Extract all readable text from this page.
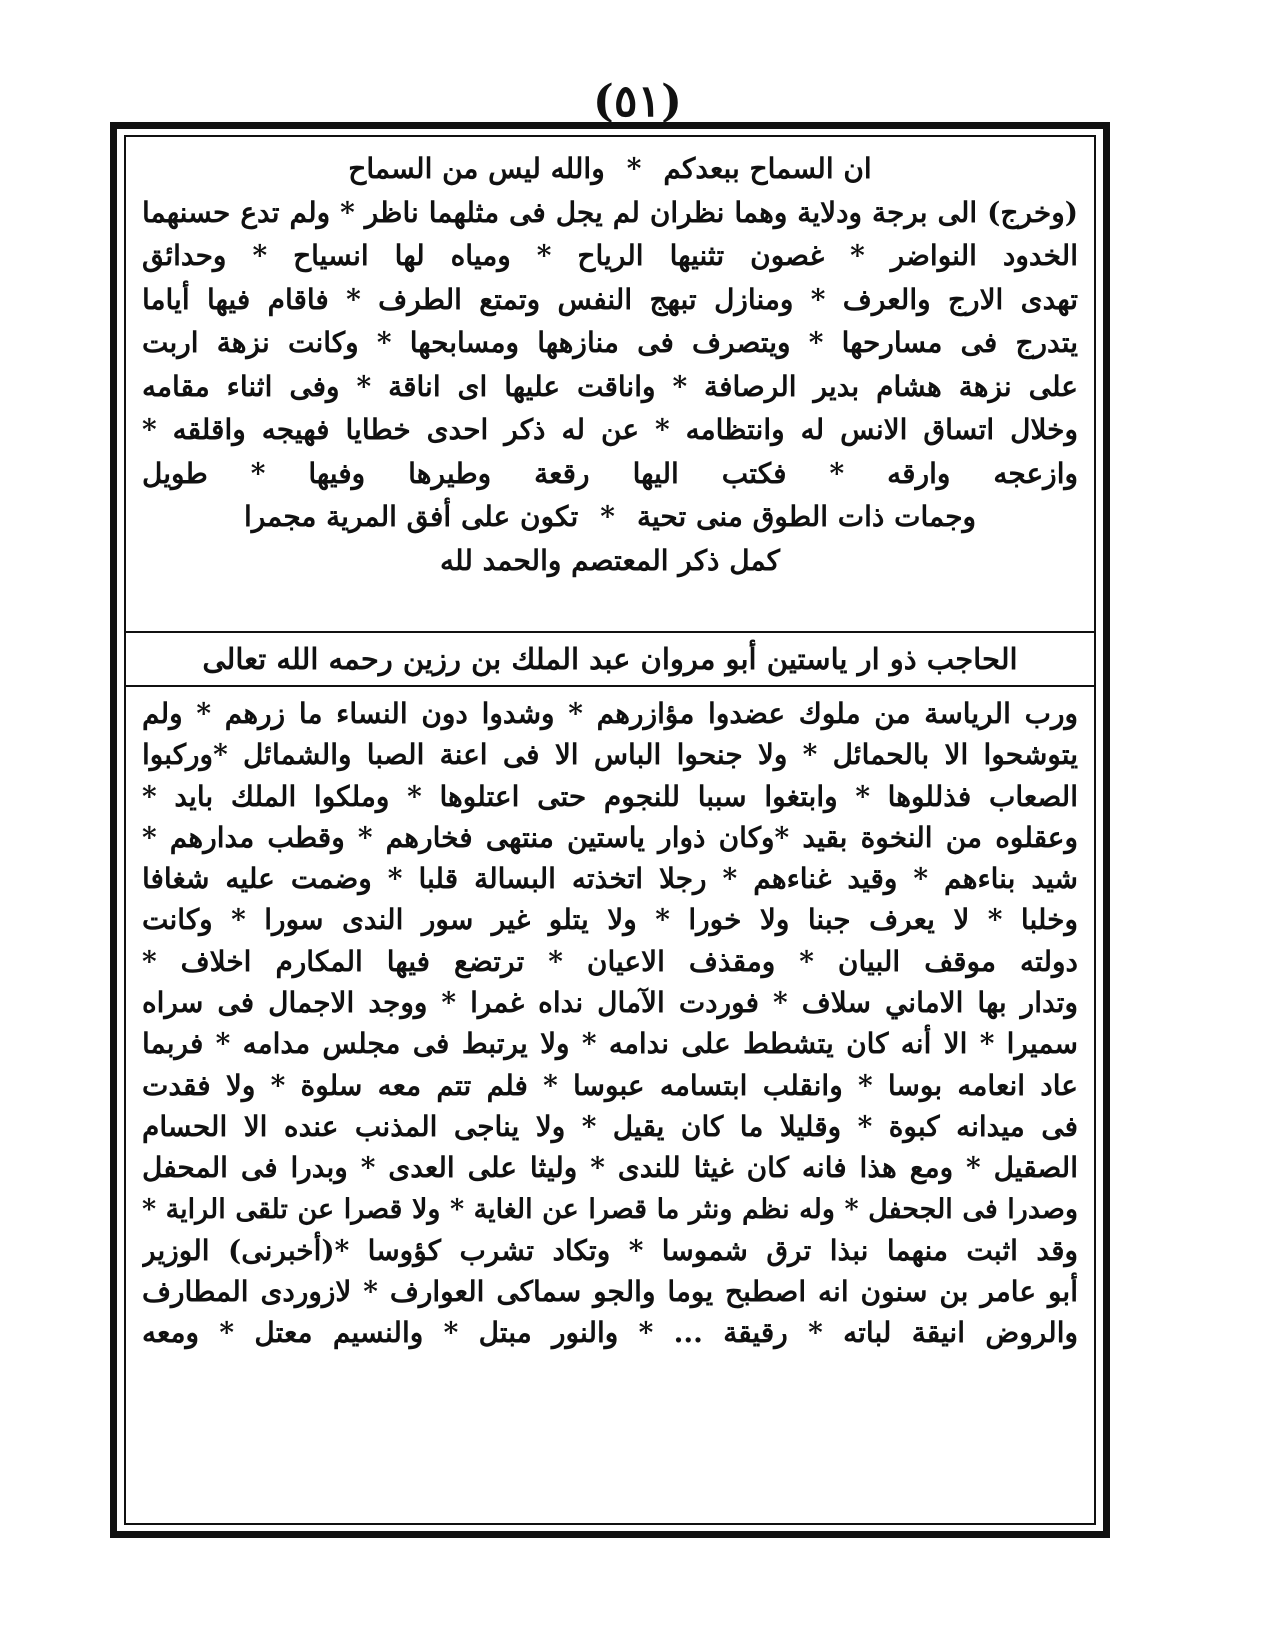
(٥١)
ان السماح ببعدكم*والله ليس من السماح
(وخرج) الى برجة ودلاية وهما نظران لم يجل فى مثلهما ناظر * ولم تدع حسنهما
الخدود النواضر * غصون تثنيها الرياح * ومياه لها انسياح * وحدائق
تهدى الارج والعرف * ومنازل تبهج النفس وتمتع الطرف * فاقام فيها أياما
يتدرج فى مسارحها * ويتصرف فى منازهها ومسابحها * وكانت نزهة اربت
على نزهة هشام بدير الرصافة * واناقت عليها اى اناقة * وفى اثناء مقامه
وخلال اتساق الانس له وانتظامه * عن له ذكر احدى خطايا فهيجه واقلقه *
وازعجه وارقه * فكتب اليها رقعة وطيرها وفيها * طويل
وجمات ذات الطوق منى تحية*تكون على أفق المرية مجمرا
كمل ذكر المعتصم والحمد لله
الحاجب ذو ار ياستين أبو مروان عبد الملك بن رزين رحمه الله تعالى
ورب الرياسة من ملوك عضدوا مؤازرهم * وشدوا دون النساء ما زرهم * ولم
يتوشحوا الا بالحمائل * ولا جنحوا الباس الا فى اعنة الصبا والشمائل *وركبوا
الصعاب فذللوها * وابتغوا سببا للنجوم حتى اعتلوها * وملكوا الملك بايد *
وعقلوه من النخوة بقيد *وكان ذوار ياستين منتهى فخارهم * وقطب مدارهم *
شيد بناءهم * وقيد غناءهم * رجلا اتخذته البسالة قلبا * وضمت عليه شغافا
وخلبا * لا يعرف جبنا ولا خورا * ولا يتلو غير سور الندى سورا * وكانت
دولته موقف البيان * ومقذف الاعيان * ترتضع فيها المكارم اخلاف *
وتدار بها الاماني سلاف * فوردت الآمال نداه غمرا * ووجد الاجمال فى سراه
سميرا * الا أنه كان يتشطط على ندامه * ولا يرتبط فى مجلس مدامه * فربما
عاد انعامه بوسا * وانقلب ابتسامه عبوسا * فلم تتم معه سلوة * ولا فقدت
فى ميدانه كبوة * وقليلا ما كان يقيل * ولا يناجى المذنب عنده الا الحسام
الصقيل * ومع هذا فانه كان غيثا للندى * وليثا على العدى * وبدرا فى المحفل
وصدرا فى الجحفل * وله نظم ونثر ما قصرا عن الغاية * ولا قصرا عن تلقى الراية *
وقد اثبت منهما نبذا ترق شموسا * وتكاد تشرب كؤوسا *(أخبرنى) الوزير
أبو عامر بن سنون انه اصطبح يوما والجو سماكى العوارف * لازوردى المطارف
والروض انيقة لباته * رقيقة ... * والنور مبتل * والنسيم معتل * ومعه
